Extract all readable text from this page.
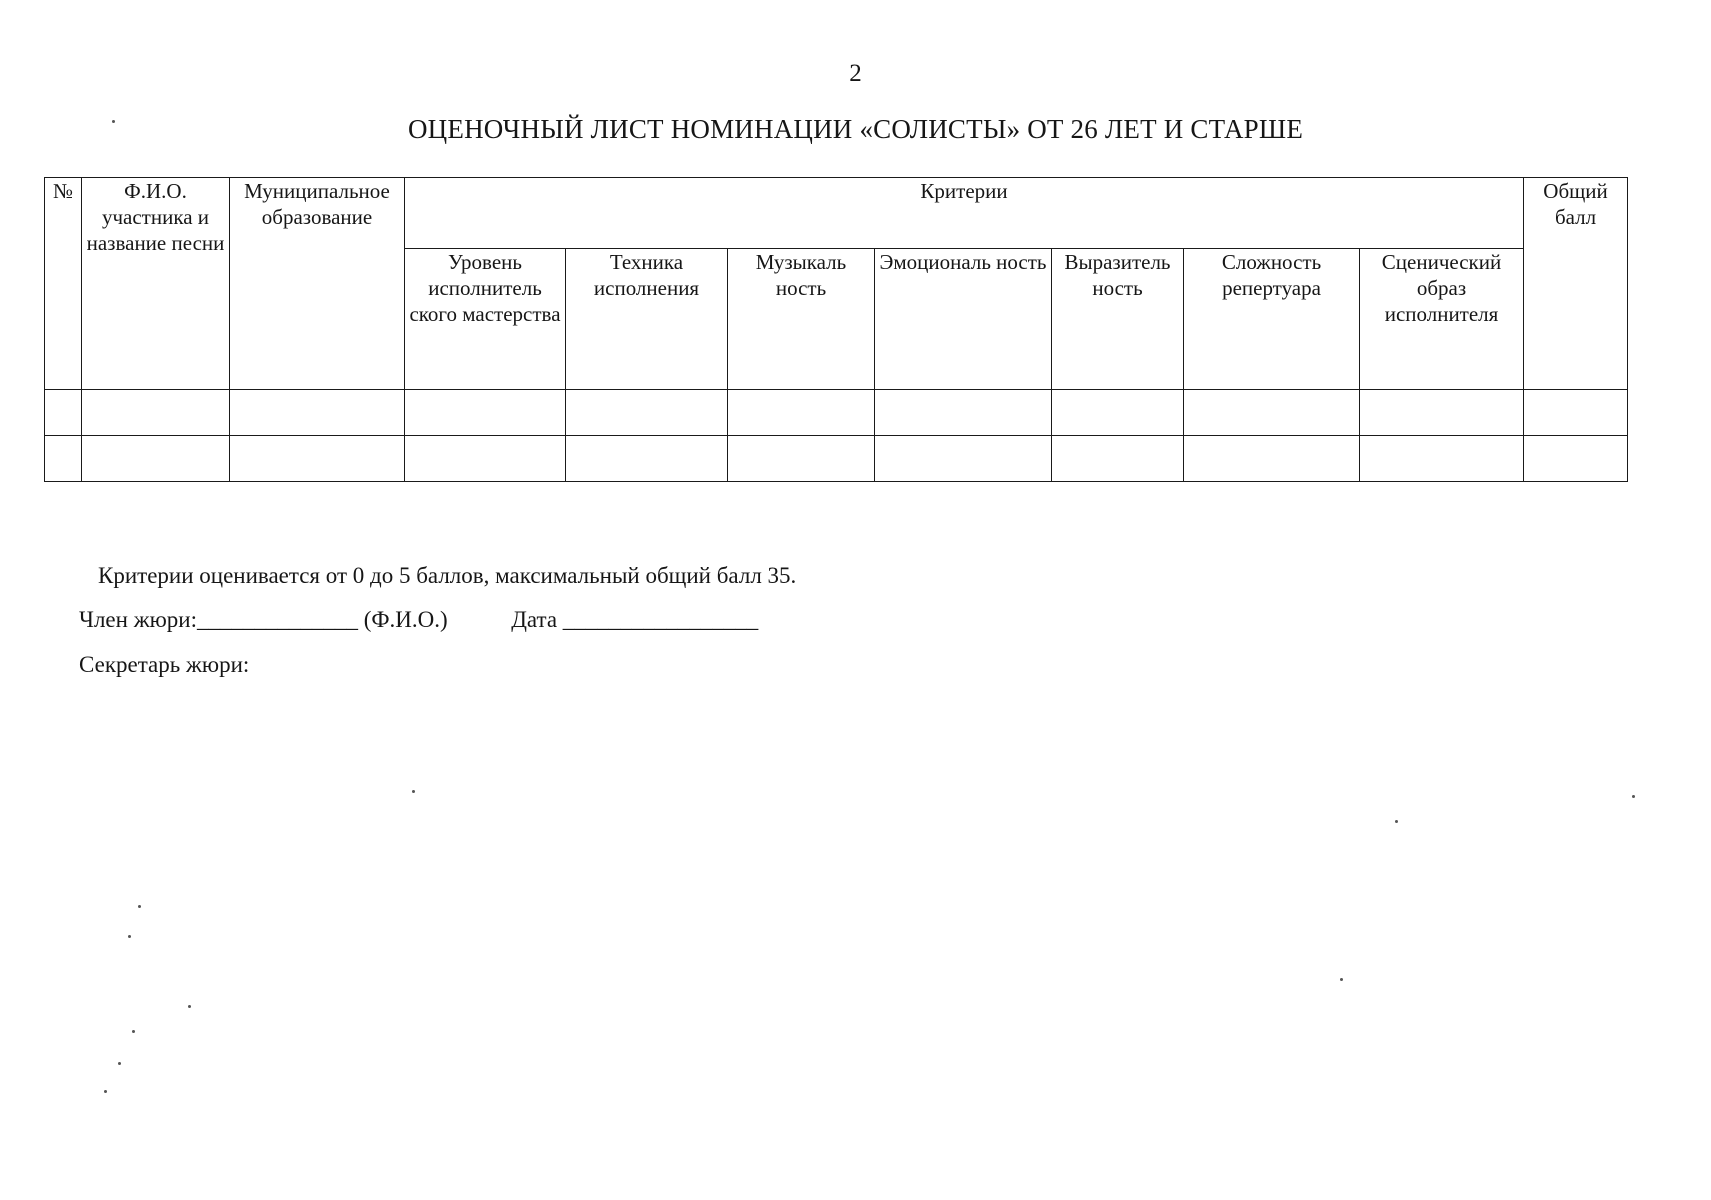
2
ОЦЕНОЧНЫЙ ЛИСТ НОМИНАЦИИ «СОЛИСТЫ» ОТ 26 ЛЕТ И СТАРШЕ
№	Ф.И.О. участника и название песни	Муниципальное образование	Критерии							Общий балл
			Уровень исполнитель ского мастерства	Техника исполнения	Музыкаль ность	Эмоциональ ность	Выразитель ность	Сложность репертуара	Сценический образ исполнителя	

Критерии оценивается от 0 до 5 баллов, максимальный общий балл 35.
Член жюри:______________ (Ф.И.О.)	Дата _________________
Секретарь жюри:
